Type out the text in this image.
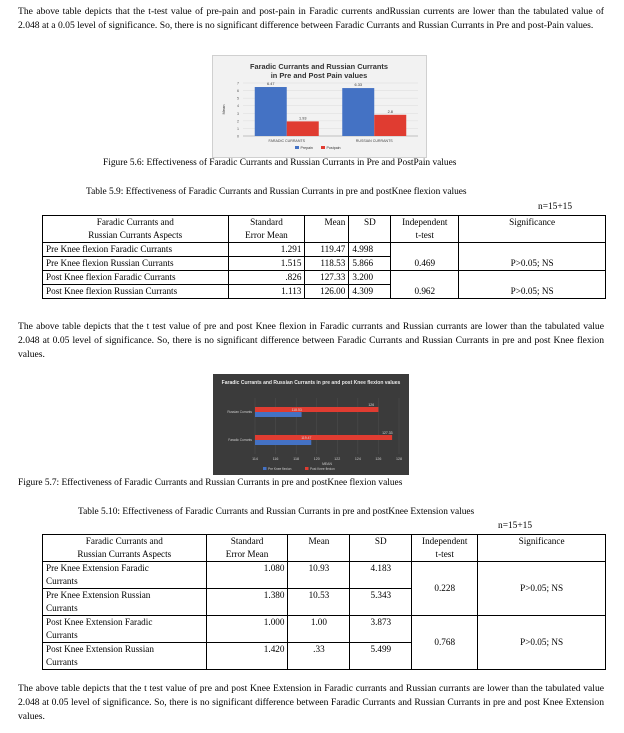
The above table depicts that the t-test value of pre-pain and post-pain in Faradic currents andRussian currents are lower than the tabulated value of 2.048 at a 0.05 level of significance. So, there is no significant difference between Faradic Currants and Russian Currants in Pre and post-Pain values.

Faradic Currants and Russian Currants
in Pre and Post Pain values
0
1
2
3
4
5
6
7
Mean
6.47
1.93
FARADIC CURRANTS
6.33
2.8
RUSSIAN CURRANTS
Prepain	Postpain
Figure 5.6: Effectiveness of Faradic Currants and Russian Currants in Pre and PostPain values
Table 5.9: Effectiveness of Faradic Currants and Russian Currants in pre and postKnee flexion values
n=15+15
Faradic Currants and
Russian Currants Aspects	Standard
Error Mean	Mean	SD	Independent
t-test	Significance
Pre Knee flexion Faradic Currants	1.291	119.47	4.998		
Pre Knee flexion Russian Currants	1.515	118.53	5.866	0.469	P>0.05; NS
Post Knee flexion Faradic Currants	.826	127.33	3.200		
Post Knee flexion Russian Currants	1.113	126.00	4.309	0.962	P>0.05; NS

The above table depicts that the t test value of pre and post Knee flexion in Faradic currants and Russian currants are lower than the tabulated value 2.048 at 0.05 level of significance. So, there is no significant difference between Faradic Currants and Russian Currants in pre and post Knee flexion values.

Faradic Currants and Russian Currants in pre and post Knee flexion values
114	116	118	120	122	124	126	128
MEAN
126
118.53
Russian Currants
127.33
119.47
Faradic Currants
Pre Knee flexion	Post Knee flexion
Figure 5.7: Effectiveness of Faradic Currants and Russian Currants in pre and postKnee flexion values
Table 5.10: Effectiveness of Faradic Currants and Russian Currants in pre and postKnee Extension values
n=15+15
Faradic Currants and
Russian Currants Aspects	Standard
Error Mean	Mean	SD	Independent
t-test	Significance
Pre Knee Extension Faradic
Currants	1.080	10.93	4.183	0.228	P>0.05; NS
Pre Knee Extension Russian
Currants	1.380	10.53	5.343		
Post Knee Extension Faradic
Currants	1.000	1.00	3.873	0.768	P>0.05; NS
Post Knee Extension Russian
Currants	1.420	.33	5.499		

The above table depicts that the t test value of pre and post Knee Extension in Faradic currants and Russian currants are lower than the tabulated value 2.048 at 0.05 level of significance. So, there is no significant difference between Faradic Currants and Russian Currants in pre and post Knee Extension values.
